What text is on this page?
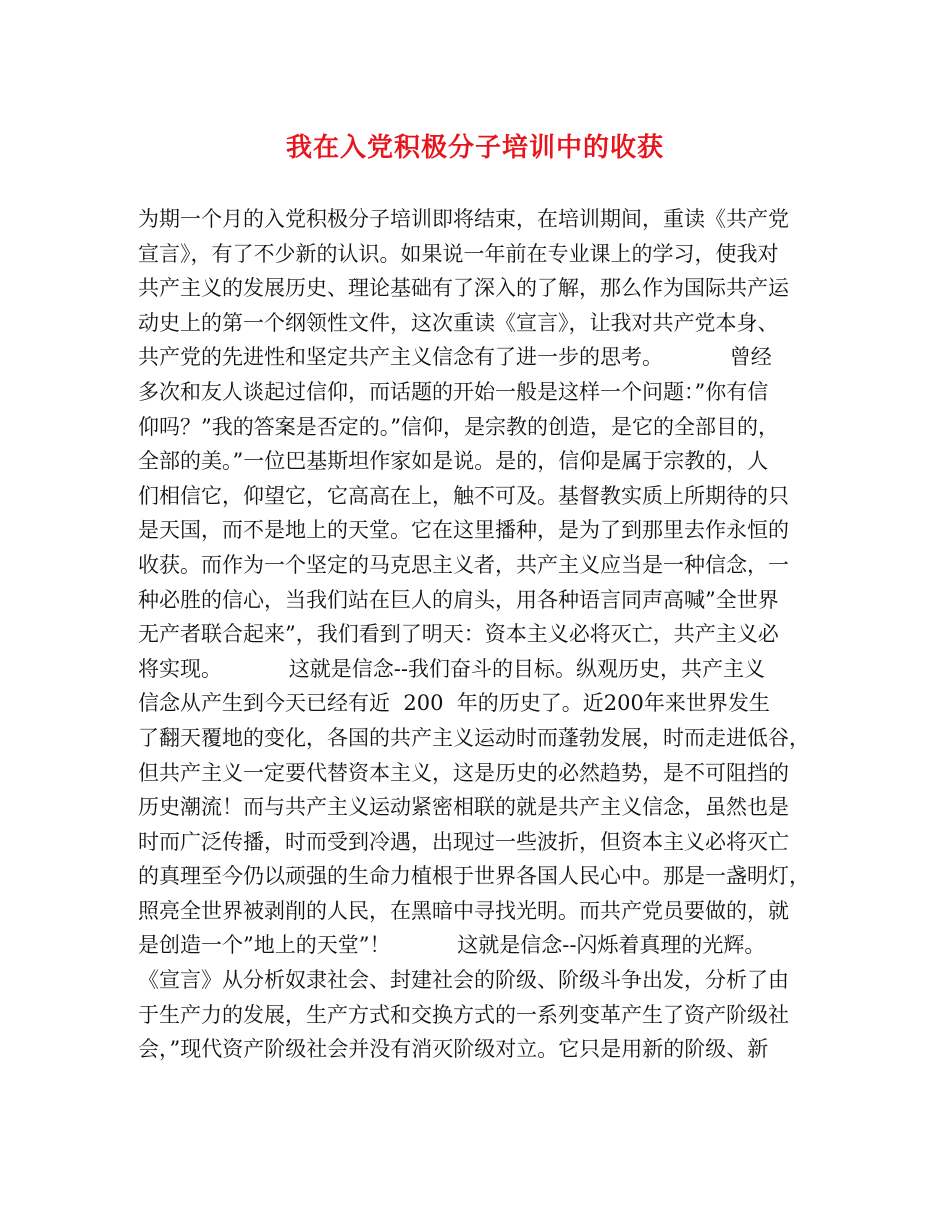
我在入党积极分子培训中的收获
为期一个月的入党积极分子培训即将结束，在培训期间，重读《共产党
宣言》，有了不少新的认识。如果说一年前在专业课上的学习，使我对
共产主义的发展历史、理论基础有了深入的了解，那么作为国际共产运
动史上的第一个纲领性文件，这次重读《宣言》，让我对共产党本身、
共产党的先进性和坚定共产主义信念有了进一步的思考。          曾经
多次和友人谈起过信仰，而话题的开始一般是这样一个问题：”你有信
仰吗？”我的答案是否定的。”信仰，是宗教的创造，是它的全部目的，
全部的美。”一位巴基斯坦作家如是说。是的，信仰是属于宗教的，人
们相信它，仰望它，它高高在上，触不可及。基督教实质上所期待的只
是天国，而不是地上的天堂。它在这里播种，是为了到那里去作永恒的
收获。而作为一个坚定的马克思主义者，共产主义应当是一种信念，一
种必胜的信心，当我们站在巨人的肩头，用各种语言同声高喊”全世界
无产者联合起来”，我们看到了明天：资本主义必将灭亡，共产主义必
将实现。          这就是信念--我们奋斗的目标。纵观历史，共产主义
信念从产生到今天已经有近  200  年的历史了。近200年来世界发生
了翻天覆地的变化，各国的共产主义运动时而蓬勃发展，时而走进低谷，
但共产主义一定要代替资本主义，这是历史的必然趋势，是不可阻挡的
历史潮流！而与共产主义运动紧密相联的就是共产主义信念，虽然也是
时而广泛传播，时而受到冷遇，出现过一些波折，但资本主义必将灭亡
的真理至今仍以顽强的生命力植根于世界各国人民心中。那是一盏明灯，
照亮全世界被剥削的人民，在黑暗中寻找光明。而共产党员要做的，就
是创造一个”地上的天堂”！          这就是信念--闪烁着真理的光辉。
《宣言》从分析奴隶社会、封建社会的阶级、阶级斗争出发，分析了由
于生产力的发展，生产方式和交换方式的一系列变革产生了资产阶级社
会，”现代资产阶级社会并没有消灭阶级对立。它只是用新的阶级、新
